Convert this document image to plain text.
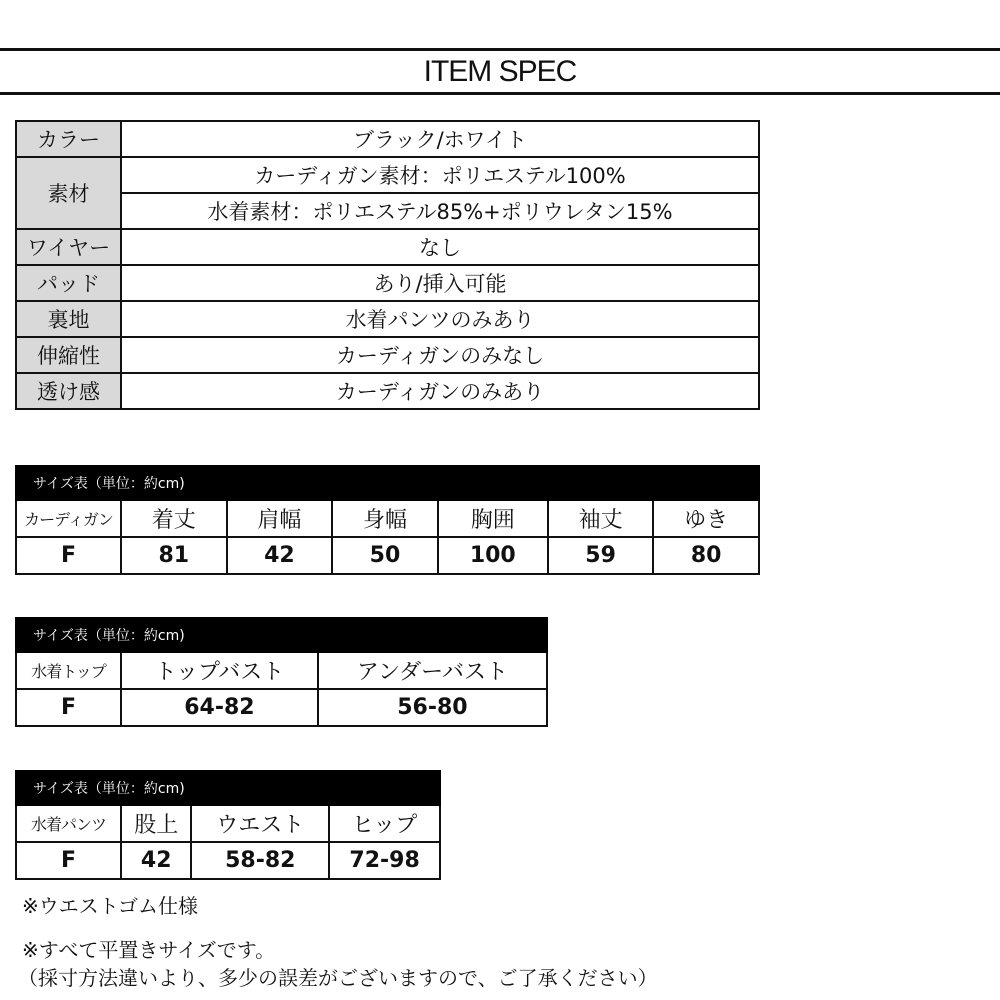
ITEM SPEC
カラー	ブラック/ホワイト
素材	カーディガン素材：ポリエステル100%
	水着素材：ポリエステル85%+ポリウレタン15%
ワイヤー	なし
パッド	あり/挿入可能
裏地	水着パンツのみあり
伸縮性	カーディガンのみなし
透け感	カーディガンのみあり
サイズ表（単位：約cm)						
カーディガン	着丈	肩幅	身幅	胸囲	袖丈	ゆき
F	81	42	50	100	59	80
サイズ表（単位：約cm)		
水着トップ	トップバスト	アンダーバスト
F	64-82	56-80
サイズ表（単位：約cm)			
水着パンツ	股上	ウエスト	ヒップ
F	42	58-82	72-98
※ウエストゴム仕様
※すべて平置きサイズです。
（採寸方法違いより、多少の誤差がございますので、ご了承ください）
